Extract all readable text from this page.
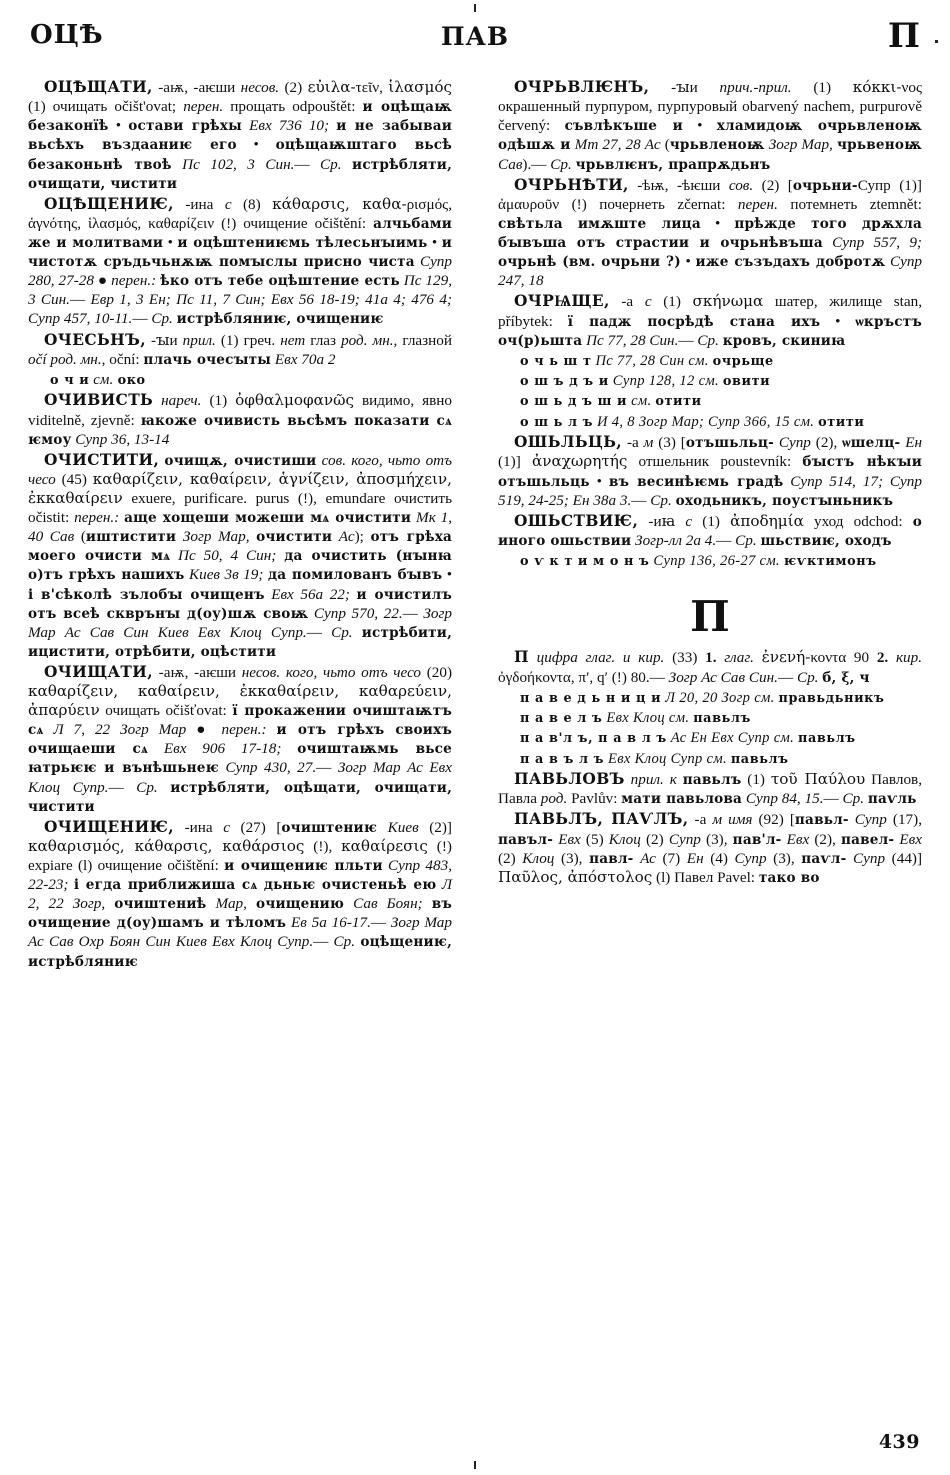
ОЦѢ	ПАВ	П

ОЦѢЩАТИ, -аѭ, -аѥши несов. (2) εὐιλα-τεῖν, ἱλασμός (1) очищать očišt'ovat; перен. прощать odpouštět: и оцѣщаѭ безаконїѣ • остави грѣхы Евх 736 10; и не забываи вьсѣхъ въздааниѥ его • оцѣщаѭштаго вьсѣ безаконьнѣ твоѣ Пс 102, 3 Син.— Ср. истрѣбляти, очищати, чистити

ОЦѢЩЕНИѤ, -ина с (8) κάθαρσις, καθα-ρισμός, ἁγνότης, ἱλασμός, καθαρίζειν (!) очищение očištění: алчьбами же и молитвами • и оцѣштениѥмь тѣлесьнꙑимь • и чистотѫ сръдьчьнѫѭ помꙑслы присно чиста Супр 280, 27-28 ● перен.: ѣко отъ тебе оцѣштение есть Пс 129, 3 Син.— Евр 1, 3 Ен; Пс 11, 7 Син; Евх 56 18-19; 41а 4; 476 4; Супр 457, 10-11.— Ср. истрѣбляниѥ, очищениѥ

ОЧЕСЬНЪ, -ꙑи прил. (1) греч. нет глаз род. мн., глазной očí род. мн., oční: плачь очесꙑты Евх 70а 2

о ч и см. око

ОЧИВИСТЬ нареч. (1) ὀφθαλμοφανῶς видимо, явно viditelně, zjevně: ꙗкоже очивисть вьсѣмъ показати сѧ ѥмоу Супр 36, 13-14

ОЧИСТИТИ, очищѫ, очистиши сов. кого, чьто отъ чесо (45) καθαρίζειν, καθαίρειν, ἁγνίζειν, ἀποσμήχειν, ἐκκαθαίρειν exuere, purificare. purus (!), emundare очистить očistit: перен.: аще хощеши можеши мѧ очистити Мк 1, 40 Сав (иштистити Зогр Мар, очистити Ас); отъ грѣха моего очисти мѧ Пс 50, 4 Син; да очистить (нꙑнꙗ о)тъ грѣхъ нашихъ Киев 3в 19; да помилованъ бꙑвъ • і в'сѣколѣ зълобꙑ очищенъ Евх 56а 22; и очистилъ отъ всеѣ скврънꙑ д(оу)шѫ своѭ Супр 570, 22.— Зогр Мар Ас Сав Син Киев Евх Клоц Супр.— Ср. истрѣбити, ицистити, отрѣбити, оцѣстити

ОЧИЩАТИ, -аѭ, -аѥши несов. кого, чьто отъ чесо (20) καθαρίζειν, καθαίρειν, ἐκκαθαίρειν, καθαρεύειν, ἀπαρύειν очищать očišťovat: ї прокажении очиштаѭтъ сѧ Л 7, 22 Зогр Мар ● перен.: и отъ грѣхъ своихъ очищаеши сѧ Евх 906 17-18; очиштаѭмь вьсе ꙗтрьѥѥ и вънѣшьнеѥ Супр 430, 27.— Зогр Мар Ас Евх Клоц Супр.— Ср. истрѣбляти, оцѣщати, очищати, чистити

ОЧИЩЕНИѤ, -ина с (27) [очиштениѥ Киев (2)] καθαρισμός, κάθαρσις, καθάρσιος (!), καθαίρεσις (!) expiare (l) очищение očištění: и очищениѥ пльти Супр 483, 22-23; і егда приближиша сѧ дьньѥ очистеньѣ ею Л 2, 22 Зогр, очиштениѣ Мар, очищению Сав Боян; въ очищение д(оу)шамъ и тѣломъ Ев 5а 16-17.— Зогр Мар Ас Сав Охр Боян Син Киев Евх Клоц Супр.— Ср. оцѣщениѥ, истрѣбляниѥ

ОЧРЬВЛѤНЪ, -ꙑи прич.-прил. (1) κόκκι-νος окрашенный пурпуром, пурпуровый obarvený nachem, purpurově červený: съвлѣкъше и • хламидоѭ очрьвленоѭ одѣшѫ и Мт 27, 28 Ас (чрьвленоѭ Зогр Мар, чрьвеноѭ Сав).— Ср. чрьвлѥнъ, прапрѫдьнъ

ОЧРЬНѢТИ, -ѣѭ, -ѣѥши сов. (2) [очрьни-Супр (1)] ἀμαυροῦν (!) почернеть zčernat: перен. потемнеть ztemnět: свѣтьла имѫште лица • прѣжде того дрѫхла бꙑвъша отъ страстии и очрьнѣвъша Супр 557, 9; очрьнѣ (вм. очрьни ?) • иже съзъдахъ добротѫ Супр 247, 18

ОЧРѨЩЕ, -а с (1) σκήνωμα шатер, жилище stan, příbytek: ї падж посрѣдѣ стана ихъ • ѡкръстъ оч(р)ьшта Пс 77, 28 Син.— Ср. кровъ, скиниꙗ

о ч ь ш т Пс 77, 28 Син см. очрьще

о ш ъ д ъ и Супр 128, 12 см. овити

о ш ь д ъ ш и см. отити

о ш ь л ъ И 4, 8 Зогр Мар; Супр 366, 15 см. отити

ОШЬЛЬЦЬ, -а м (3) [отъшьльц- Супр (2), ѡшелц- Ен (1)] ἀναχωρητής отшельник poustevník: бꙑстъ нѣкꙑи отъшьльць • въ весинѣѥмь градѣ Супр 514, 17; Супр 519, 24-25; Ен 38а 3.— Ср. оходьникъ, поустꙑньникъ

ОШЬСТВИѤ, -иꙗ с (1) ἀποδημία уход odchod: о иного ошьствии Зогр-лл 2а 4.— Ср. шьствиѥ, оходъ

о ѵ к т и м о н ъ Супр 136, 26-27 см. ѥѵктимонъ

П

П цифра глаг. и кир. (33) 1. глаг. ἐνενή-κοντα 90 2. кир. ὀγδοήκοντα, π′, q′ (!) 80.— Зогр Ас Сав Син.— Ср. б, ξ, ч

п а в е д ь н и ц и Л 20, 20 Зогр см. правьдьникъ

п а в е л ъ Евх Клоц см. павьлъ

п а в'л ъ, п а в л ъ Ас Ен Евх Супр см. павьлъ

п а в ъ л ъ Евх Клоц Супр см. павьлъ

ПАВЬЛОВЪ прил. к павьлъ (1) τοῦ Παύλου Павлов, Павла род. Pavlův: мати павьлова Супр 84, 15.— Ср. паѵль

ПАВЬЛЪ, ПАѴЛЪ, -а м имя (92) [павьл- Супр (17), павъл- Евх (5) Клоц (2) Супр (3), пав'л- Евх (2), павел- Евх (2) Клоц (3), павл- Ас (7) Ен (4) Супр (3), паѵл- Супр (44)] Παῦλος, ἀπόστολος (l) Павел Pavel: тако во

439
